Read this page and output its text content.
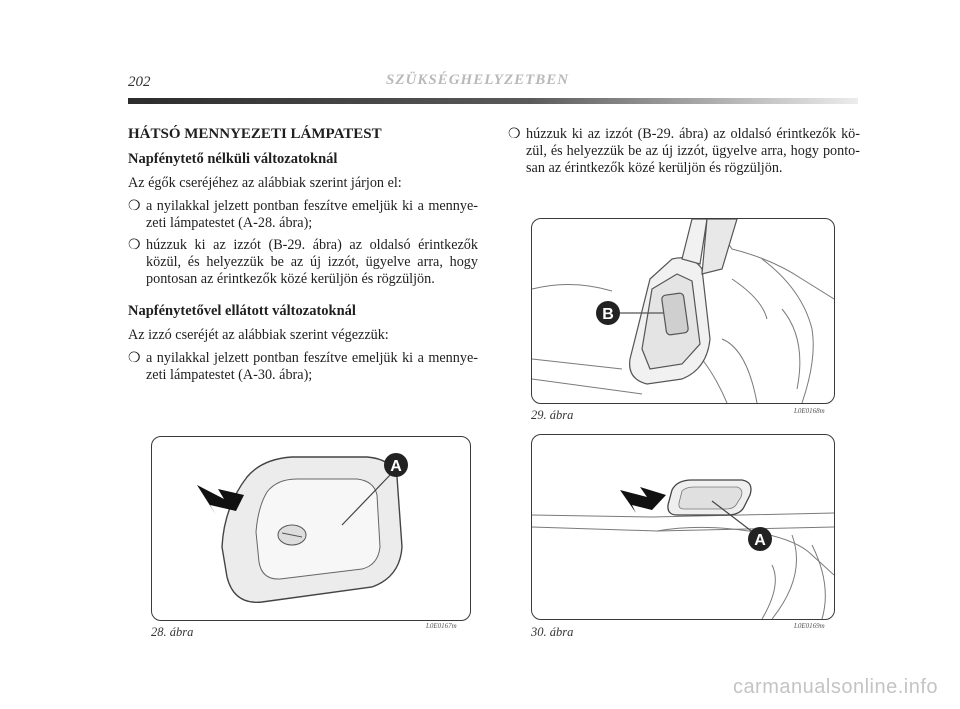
202	SZÜKSÉGHELYZETBEN
HÁTSÓ MENNYEZETI LÁMPATEST
Napfénytető nélküli változatoknál
Az égők cseréjéhez az alábbiak szerint járjon el:
❍ a nyilakkal jelzett pontban feszítve emeljük ki a mennye-zeti lámpatestet (A-28. ábra);
❍ húzzuk ki az izzót (B-29. ábra) az oldalsó érintkezők közül, és helyezzük be az új izzót, ügyelve arra, hogy pontosan az érintkezők közé kerüljön és rögzüljön.
Napfénytetővel ellátott változatoknál
Az izzó cseréjét az alábbiak szerint végezzük:
❍ a nyilakkal jelzett pontban feszítve emeljük ki a mennye-zeti lámpatestet (A-30. ábra);
❍ húzzuk ki az izzót (B-29. ábra) az oldalsó érintkezők kö-zül, és helyezzük be az új izzót, ügyelve arra, hogy ponto-san az érintkezők közé kerüljön és rögzüljön.
B
29. ábra	L0E0168m
A
28. ábra	L0E0167m
A
30. ábra	L0E0169m
carmanualsonline.info
